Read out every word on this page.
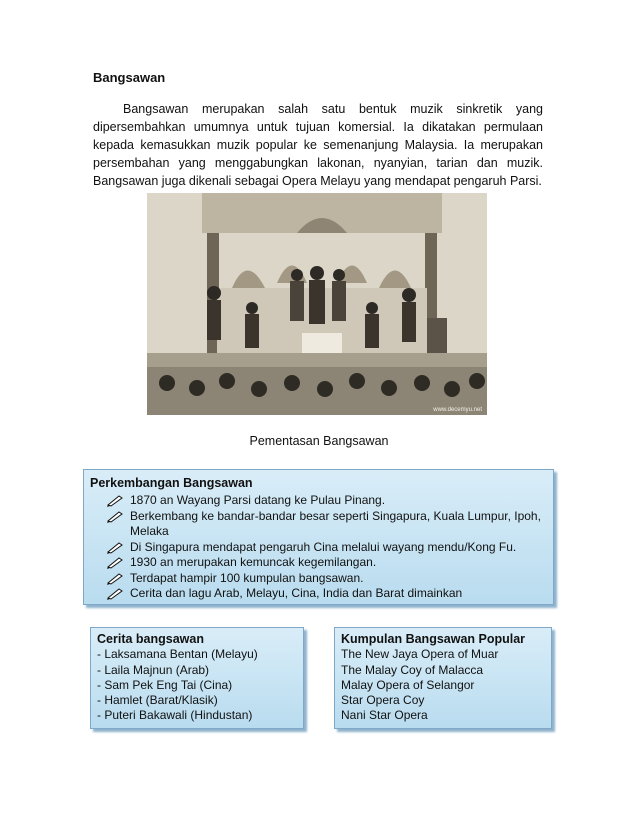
Bangsawan
Bangsawan merupakan salah satu bentuk muzik sinkretik yang dipersembahkan umumnya untuk tujuan komersial. Ia dikatakan permulaan kepada kemasukkan muzik popular ke semenanjung Malaysia. Ia merupakan persembahan yang menggabungkan lakonan, nyanyian, tarian dan muzik. Bangsawan juga dikenali sebagai Opera Melayu yang mendapat pengaruh Parsi.
www.decemyu.net
Pementasan Bangsawan
Perkembangan Bangsawan
1870 an Wayang Parsi datang ke Pulau Pinang.
Berkembang ke bandar-bandar besar seperti Singapura, Kuala Lumpur, Ipoh, Melaka
Di Singapura mendapat pengaruh Cina melalui wayang mendu/Kong Fu.
1930 an merupakan kemuncak kegemilangan.
Terdapat hampir 100 kumpulan bangsawan.
Cerita dan lagu Arab, Melayu, Cina, India dan Barat dimainkan
Cerita bangsawan
- Laksamana Bentan (Melayu)
- Laila Majnun (Arab)
- Sam Pek Eng Tai (Cina)
- Hamlet (Barat/Klasik)
- Puteri Bakawali (Hindustan)
Kumpulan Bangsawan Popular
The New Jaya Opera of Muar
The Malay Coy of Malacca
Malay Opera of Selangor
Star Opera Coy
Nani Star Opera
